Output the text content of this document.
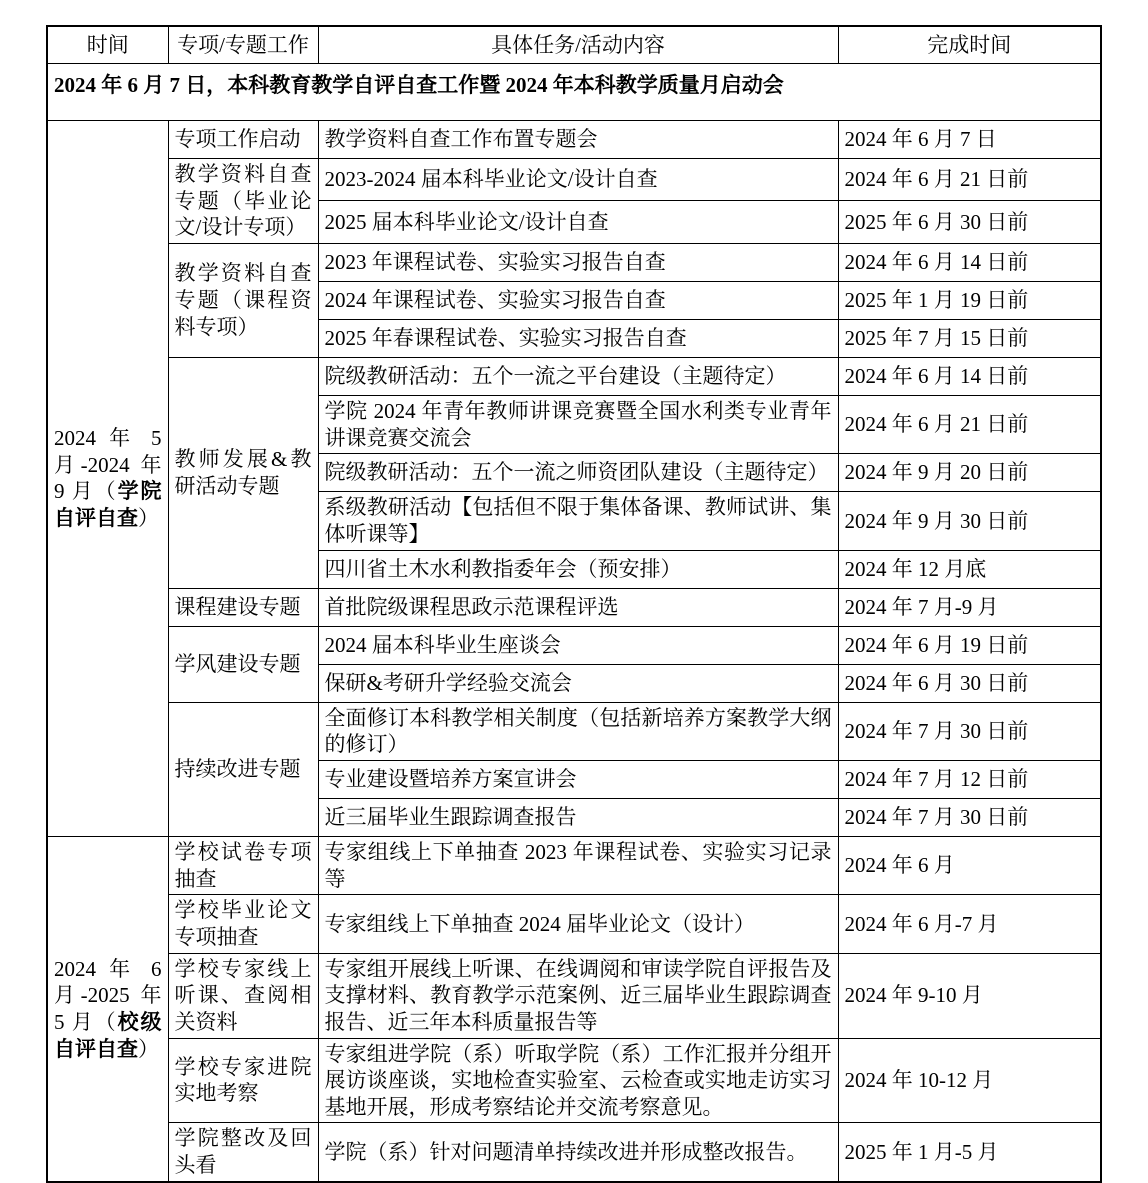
时间	专项/专题工作	具体任务/活动内容	完成时间
2024 年 6 月 7 日，本科教育教学自评自查工作暨 2024 年本科教学质量月启动会			
2024 年 5 月-2024 年 9 月（学院自评自查）	专项工作启动	教学资料自查工作布置专题会	2024 年 6 月 7 日
	教学资料自查专题（毕业论文/设计专项）	2023-2024 届本科毕业论文/设计自查	2024 年 6 月 21 日前
		2025 届本科毕业论文/设计自查	2025 年 6 月 30 日前
	教学资料自查专题（课程资料专项）	2023 年课程试卷、实验实习报告自查	2024 年 6 月 14 日前
		2024 年课程试卷、实验实习报告自查	2025 年 1 月 19 日前
		2025 年春课程试卷、实验实习报告自查	2025 年 7 月 15 日前
	教师发展&教研活动专题	院级教研活动：五个一流之平台建设（主题待定）	2024 年 6 月 14 日前
		学院 2024 年青年教师讲课竞赛暨全国水利类专业青年讲课竞赛交流会	2024 年 6 月 21 日前
		院级教研活动：五个一流之师资团队建设（主题待定）	2024 年 9 月 20 日前
		系级教研活动【包括但不限于集体备课、教师试讲、集体听课等】	2024 年 9 月 30 日前
		四川省土木水利教指委年会（预安排）	2024 年 12 月底
	课程建设专题	首批院级课程思政示范课程评选	2024 年 7 月-9 月
	学风建设专题	2024 届本科毕业生座谈会	2024 年 6 月 19 日前
		保研&考研升学经验交流会	2024 年 6 月 30 日前
	持续改进专题	全面修订本科教学相关制度（包括新培养方案教学大纲的修订）	2024 年 7 月 30 日前
		专业建设暨培养方案宣讲会	2024 年 7 月 12 日前
		近三届毕业生跟踪调查报告	2024 年 7 月 30 日前
2024 年 6 月-2025 年 5 月（校级自评自查）	学校试卷专项抽查	专家组线上下单抽查 2023 年课程试卷、实验实习记录等	2024 年 6 月
	学校毕业论文专项抽查	专家组线上下单抽查 2024 届毕业论文（设计）	2024 年 6 月-7 月
	学校专家线上听课、查阅相关资料	专家组开展线上听课、在线调阅和审读学院自评报告及支撑材料、教育教学示范案例、近三届毕业生跟踪调查报告、近三年本科质量报告等	2024 年 9-10 月
	学校专家进院实地考察	专家组进学院（系）听取学院（系）工作汇报并分组开展访谈座谈，实地检查实验室、云检查或实地走访实习基地开展，形成考察结论并交流考察意见。	2024 年 10-12 月
	学院整改及回头看	学院（系）针对问题清单持续改进并形成整改报告。	2025 年 1 月-5 月
